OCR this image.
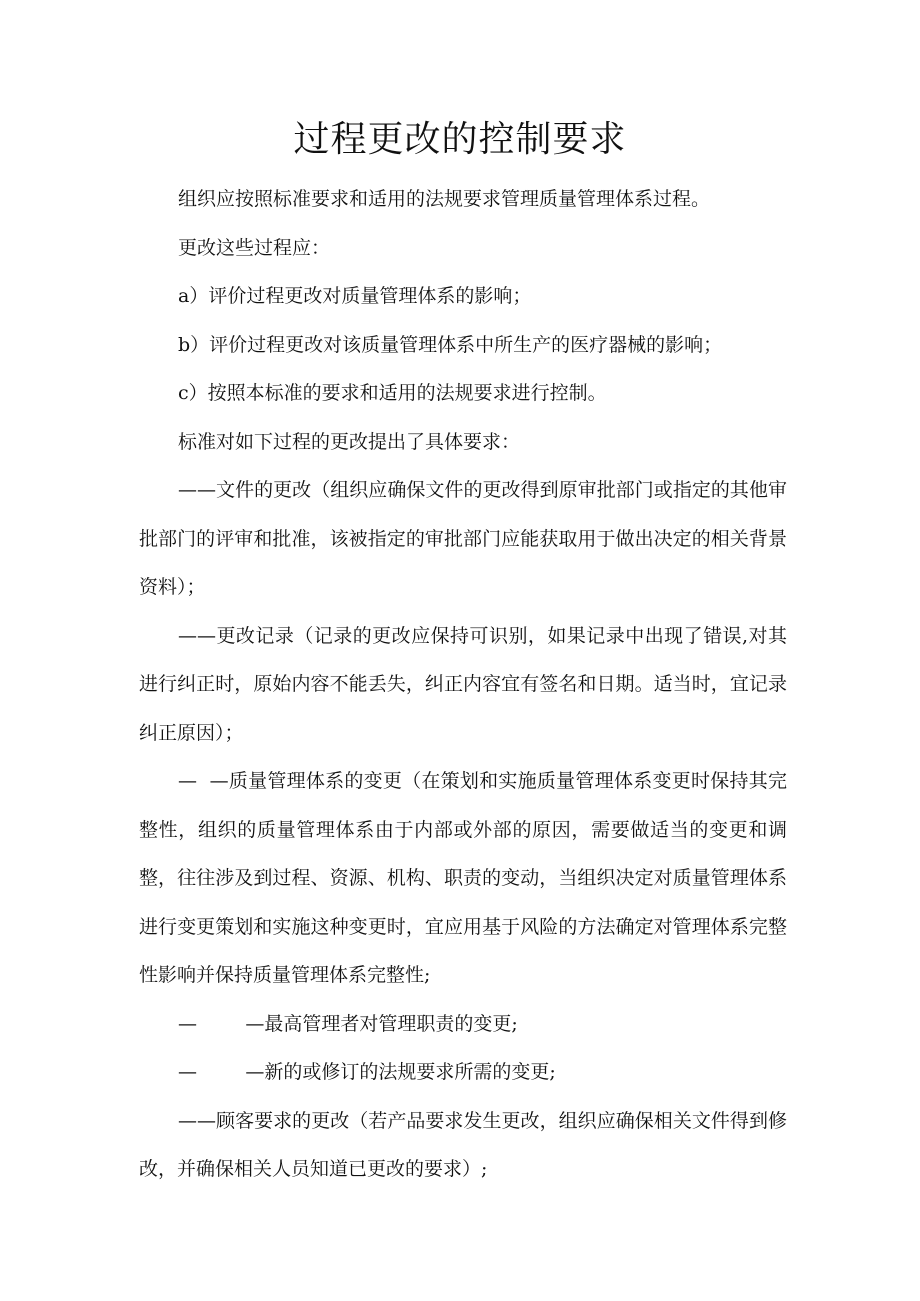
过程更改的控制要求

组织应按照标准要求和适用的法规要求管理质量管理体系过程。

更改这些过程应：

a）评价过程更改对质量管理体系的影响；

b）评价过程更改对该质量管理体系中所生产的医疗器械的影响；

c）按照本标准的要求和适用的法规要求进行控制。

标准对如下过程的更改提出了具体要求：

——文件的更改（组织应确保文件的更改得到原审批部门或指定的其他审批部门的评审和批准，该被指定的审批部门应能获取用于做出决定的相关背景资料）；

——更改记录（记录的更改应保持可识别，如果记录中出现了错误,对其进行纠正时，原始内容不能丢失，纠正内容宜有签名和日期。适当时，宜记录纠正原因）；

—  —质量管理体系的变更（在策划和实施质量管理体系变更时保持其完整性，组织的质量管理体系由于内部或外部的原因，需要做适当的变更和调整，往往涉及到过程、资源、机构、职责的变动，当组织决定对质量管理体系进行变更策划和实施这种变更时，宜应用基于风险的方法确定对管理体系完整性影响并保持质量管理体系完整性;

—        —最高管理者对管理职责的变更;

—        —新的或修订的法规要求所需的变更;

——顾客要求的更改（若产品要求发生更改，组织应确保相关文件得到修改，并确保相关人员知道已更改的要求）;
